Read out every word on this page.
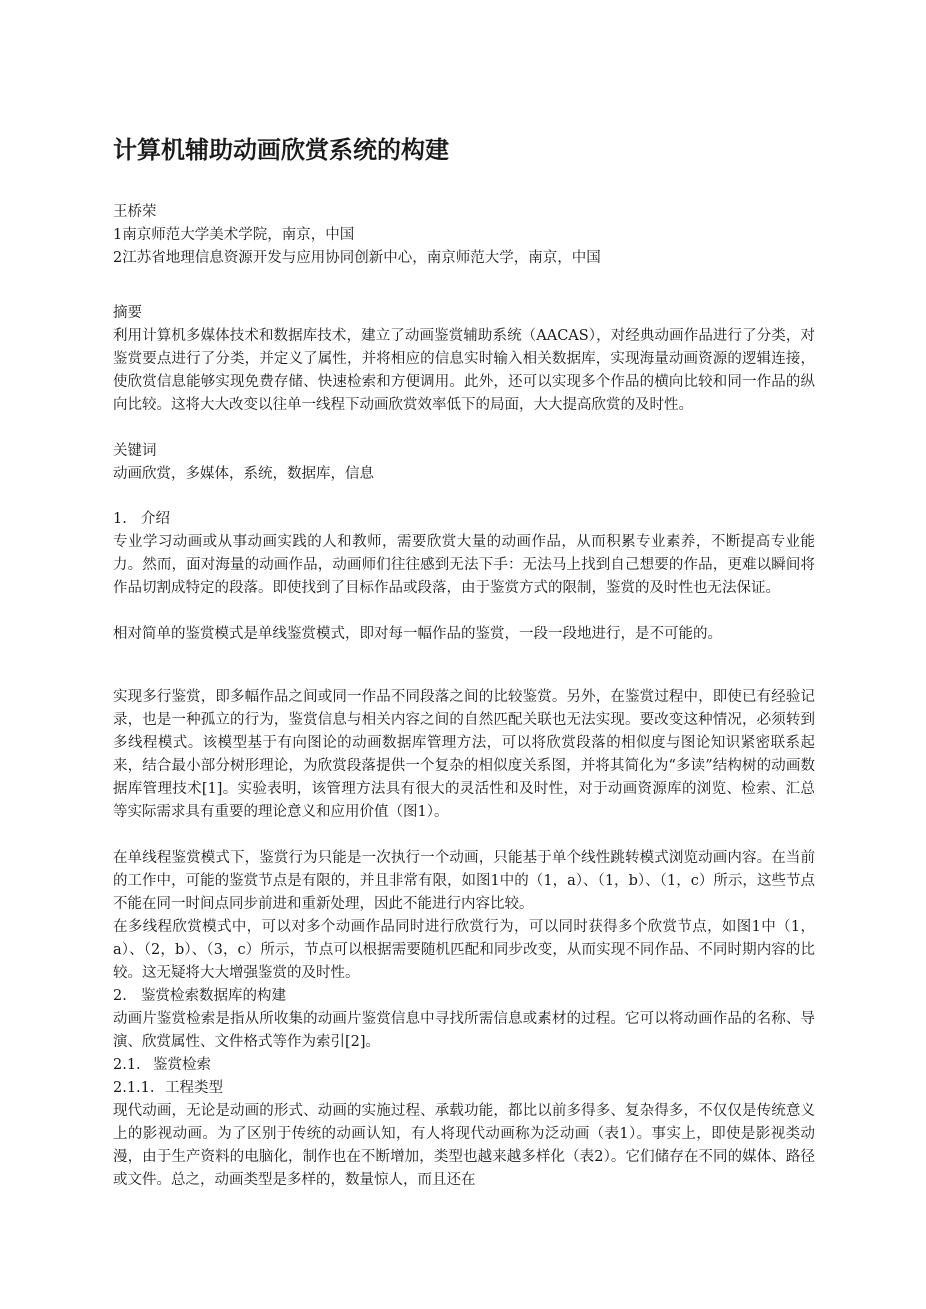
计算机辅助动画欣赏系统的构建
王桥荣
1南京师范大学美术学院，南京，中国
2江苏省地理信息资源开发与应用协同创新中心，南京师范大学，南京，中国
摘要
利用计算机多媒体技术和数据库技术，建立了动画鉴赏辅助系统（AACAS），对经典动画作品进行了分类，对鉴赏要点进行了分类，并定义了属性，并将相应的信息实时输入相关数据库，实现海量动画资源的逻辑连接，使欣赏信息能够实现免费存储、快速检索和方便调用。此外，还可以实现多个作品的横向比较和同一作品的纵向比较。这将大大改变以往单一线程下动画欣赏效率低下的局面，大大提高欣赏的及时性。
关键词
动画欣赏，多媒体，系统，数据库，信息
1. 介绍
专业学习动画或从事动画实践的人和教师，需要欣赏大量的动画作品，从而积累专业素养，不断提高专业能力。然而，面对海量的动画作品，动画师们往往感到无法下手：无法马上找到自己想要的作品，更难以瞬间将作品切割成特定的段落。即使找到了目标作品或段落，由于鉴赏方式的限制，鉴赏的及时性也无法保证。
相对简单的鉴赏模式是单线鉴赏模式，即对每一幅作品的鉴赏，一段一段地进行，是不可能的。
实现多行鉴赏，即多幅作品之间或同一作品不同段落之间的比较鉴赏。另外，在鉴赏过程中，即使已有经验记录，也是一种孤立的行为，鉴赏信息与相关内容之间的自然匹配关联也无法实现。要改变这种情况，必须转到多线程模式。该模型基于有向图论的动画数据库管理方法，可以将欣赏段落的相似度与图论知识紧密联系起来，结合最小部分树形理论，为欣赏段落提供一个复杂的相似度关系图，并将其简化为“多读”结构树的动画数据库管理技术[1]。实验表明，该管理方法具有很大的灵活性和及时性，对于动画资源库的浏览、检索、汇总等实际需求具有重要的理论意义和应用价值（图1）。
在单线程鉴赏模式下，鉴赏行为只能是一次执行一个动画，只能基于单个线性跳转模式浏览动画内容。在当前的工作中，可能的鉴赏节点是有限的，并且非常有限，如图1中的（1，a）、（1，b）、（1，c）所示，这些节点不能在同一时间点同步前进和重新处理，因此不能进行内容比较。
在多线程欣赏模式中，可以对多个动画作品同时进行欣赏行为，可以同时获得多个欣赏节点，如图1中（1，a）、（2，b）、（3，c）所示，节点可以根据需要随机匹配和同步改变，从而实现不同作品、不同时期内容的比较。这无疑将大大增强鉴赏的及时性。
2. 鉴赏检索数据库的构建
动画片鉴赏检索是指从所收集的动画片鉴赏信息中寻找所需信息或素材的过程。它可以将动画作品的名称、导演、欣赏属性、文件格式等作为索引[2]。
2.1. 鉴赏检索
2.1.1. 工程类型
现代动画，无论是动画的形式、动画的实施过程、承载功能，都比以前多得多、复杂得多，不仅仅是传统意义上的影视动画。为了区别于传统的动画认知，有人将现代动画称为泛动画（表1）。事实上，即使是影视类动漫，由于生产资料的电脑化，制作也在不断增加，类型也越来越多样化（表2）。它们储存在不同的媒体、路径或文件。总之，动画类型是多样的，数量惊人，而且还在
